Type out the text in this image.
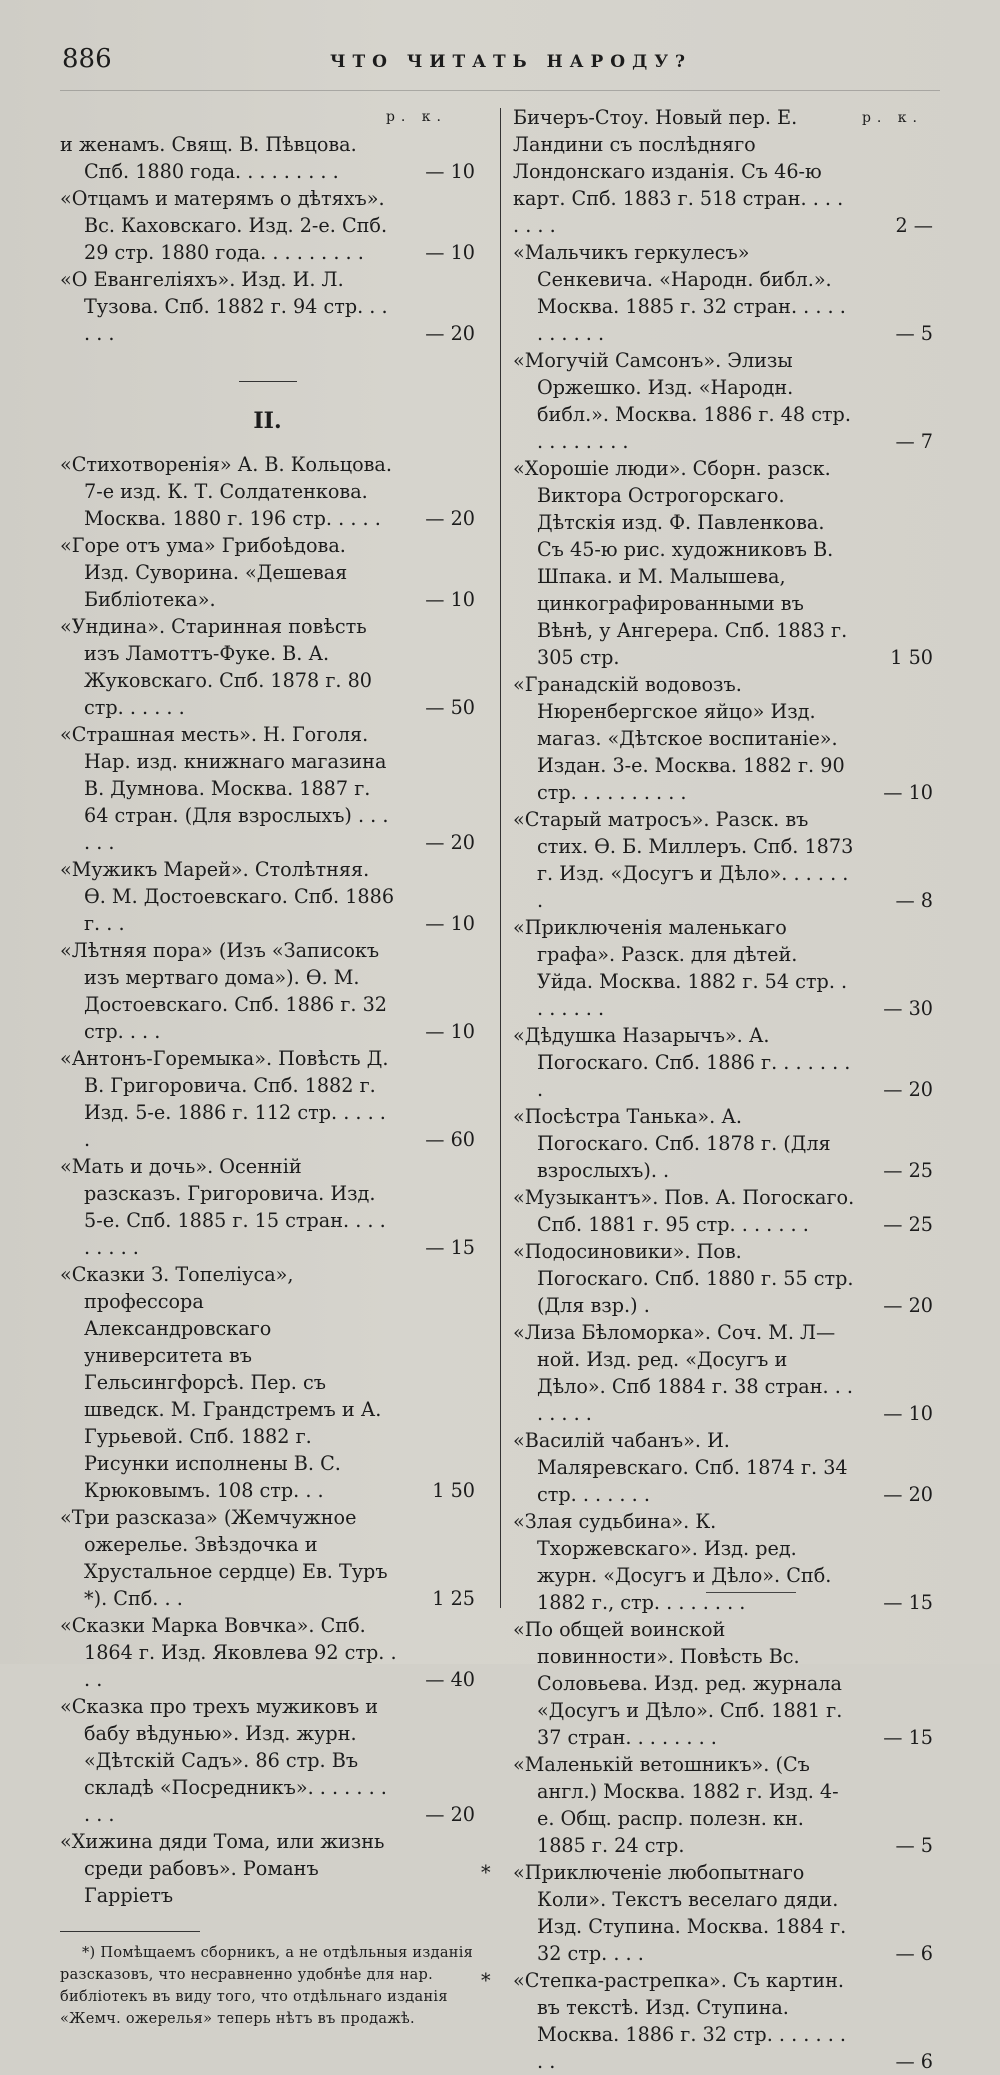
886	ЧТО ЧИТАТЬ НАРОДУ?
р. к.
и женамъ. Свящ. В. Пѣвцова. Спб. 1880 года. . . . . . . . .	— 10
«Отцамъ и матерямъ о дѣтяхъ». Вс. Каховскаго. Изд. 2-е. Спб. 29 стр. 1880 года. . . . . . . . .	— 10
«О Евангеліяхъ». Изд. И. Л. Тузова. Спб. 1882 г. 94 стр. . . . . .	— 20
II.
«Стихотворенія» А. В. Кольцова. 7-е изд. К. Т. Солдатенкова. Москва. 1880 г. 196 стр. . . . .	— 20
«Горе отъ ума» Грибоѣдова. Изд. Суворина. «Дешевая Библіотека».	— 10
«Ундина». Старинная повѣсть изъ Ламоттъ-Фуке. В. А. Жуковскаго. Спб. 1878 г. 80 стр. . . . . .	— 50
«Страшная месть». Н. Гоголя. Нар. изд. книжнаго магазина В. Думнова. Москва. 1887 г. 64 стран. (Для взрослыхъ) . . . . . .	— 20
«Мужикъ Марей». Столѣтняя. Ѳ. М. Достоевскаго. Спб. 1886 г. . .	— 10
«Лѣтняя пора» (Изъ «Записокъ изъ мертваго дома»). Ѳ. М. Достоевскаго. Спб. 1886 г. 32 стр. . . .	— 10
«Антонъ-Горемыка». Повѣсть Д. В. Григоровича. Спб. 1882 г. Изд. 5-е. 1886 г. 112 стр. . . . . .	— 60
«Мать и дочь». Осенній разсказъ. Григоровича. Изд. 5-е. Спб. 1885 г. 15 стран. . . . . . . . .	— 15
«Сказки З. Топеліуса», профессора Александровскаго университета въ Гельсингфорсѣ. Пер. съ шведск. М. Грандстремъ и А. Гурьевой. Спб. 1882 г. Рисунки исполнены В. С. Крюковымъ. 108 стр. . .	1 50
«Три разсказа» (Жемчужное ожерелье. Звѣздочка и Хрустальное сердце) Ев. Туръ *). Спб. . .	1 25
«Сказки Марка Вовчка». Спб. 1864 г. Изд. Яковлева 92 стр. . . .	— 40
«Сказка про трехъ мужиковъ и бабу вѣдунью». Изд. журн. «Дѣтскій Садъ». 86 стр. Въ складѣ «Посредникъ». . . . . . . . . .	— 20
«Хижина дяди Тома, или жизнь среди рабовъ». Романъ Гарріетъ
*) Помѣщаемъ сборникъ, а не отдѣльныя изданія разсказовъ, что несравненно удобнѣе для нар. библіотекъ въ виду того, что отдѣльнаго изданія «Жемч. ожерелья» теперь нѣтъ въ продажѣ.
р. к.
Бичеръ-Стоу. Новый пер. Е. Ландини съ послѣдняго Лондонскаго изданія. Съ 46-ю карт. Спб. 1883 г. 518 стран. . . . . . . .	2 —
«Мальчикъ геркулесъ» Сенкевича. «Народн. библ.». Москва. 1885 г. 32 стран. . . . . . . . . . .	— 5
«Могучій Самсонъ». Элизы Оржешко. Изд. «Народн. библ.». Москва. 1886 г. 48 стр. . . . . . . . .	— 7
«Хорошіе люди». Сборн. разск. Виктора Острогорскаго. Дѣтскія изд. Ф. Павленкова. Съ 45-ю рис. художниковъ В. Шпака. и М. Малышева, цинкографированными въ Вѣнѣ, у Ангерера. Спб. 1883 г. 305 стр.	1 50
«Гранадскій водовозъ. Нюренбергское яйцо» Изд. магаз. «Дѣтское воспитаніе». Издан. 3-е. Москва. 1882 г. 90 стр. . . . . . . . . .	— 10
«Старый матросъ». Разск. въ стих. Ѳ. Б. Миллеръ. Спб. 1873 г. Изд. «Досугъ и Дѣло». . . . . . .	— 8
«Приключенія маленькаго графа». Разск. для дѣтей. Уйда. Москва. 1882 г. 54 стр. . . . . . . .	— 30
«Дѣдушка Назарычъ». А. Погоскаго. Спб. 1886 г. . . . . . . .	— 20
«Посѣстра Танька». А. Погоскаго. Спб. 1878 г. (Для взрослыхъ). .	— 25
«Музыкантъ». Пов. А. Погоскаго. Спб. 1881 г. 95 стр. . . . . . .	— 25
«Подосиновики». Пов. Погоскаго. Спб. 1880 г. 55 стр. (Для взр.) .	— 20
«Лиза Бѣломорка». Соч. М. Л—ной. Изд. ред. «Досугъ и Дѣло». Спб 1884 г. 38 стран. . . . . . . .	— 10
«Василій чабанъ». И. Маляревскаго. Спб. 1874 г. 34 стр. . . . . . .	— 20
«Злая судьбина». К. Тхоржевскаго». Изд. ред. журн. «Досугъ и Дѣло». Спб. 1882 г., стр. . . . . . . .	— 15
«По общей воинской повинности». Повѣсть Вс. Соловьева. Изд. ред. журнала «Досугъ и Дѣло». Спб. 1881 г. 37 стран. . . . . . . .	— 15
«Маленькій ветошникъ». (Съ англ.) Москва. 1882 г. Изд. 4-е. Общ. распр. полезн. кн. 1885 г. 24 стр.	— 5
*	«Приключеніе любопытнаго Коли». Текстъ веселаго дяди. Изд. Ступина. Москва. 1884 г. 32 стр. . . .	— 6
*	«Степка-растрепка». Съ картин. въ текстѣ. Изд. Ступина. Москва. 1886 г. 32 стр. . . . . . . . .	— 6
